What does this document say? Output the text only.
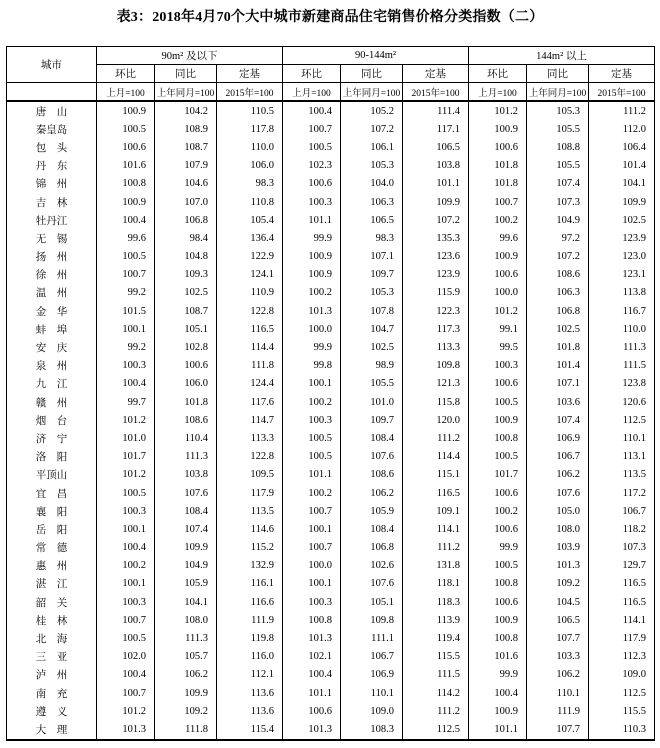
表3：2018年4月70个大中城市新建商品住宅销售价格分类指数（二）
城市	90m² 及以下			90-144m²			144m² 以上		
	环比	同比	定基	环比	同比	定基	环比	同比	定基
	上月=100	上年同月=100	2015年=100	上月=100	上年同月=100	2015年=100	上月=100	上年同月=100	2015年=100
唐　山	100.9	104.2	110.5	100.4	105.2	111.4	101.2	105.3	111.2
秦皇岛	100.5	108.9	117.8	100.7	107.2	117.1	100.9	105.5	112.0
包　头	100.6	108.7	110.0	100.5	106.1	106.5	100.6	108.8	106.4
丹　东	101.6	107.9	106.0	102.3	105.3	103.8	101.8	105.5	101.4
锦　州	100.8	104.6	98.3	100.6	104.0	101.1	101.8	107.4	104.1
吉　林	100.9	107.0	110.8	100.3	106.3	109.9	100.7	107.3	109.9
牡丹江	100.4	106.8	105.4	101.1	106.5	107.2	100.2	104.9	102.5
无　锡	99.6	98.4	136.4	99.9	98.3	135.3	99.6	97.2	123.9
扬　州	100.5	104.8	122.9	100.9	107.1	123.6	100.9	107.2	123.0
徐　州	100.7	109.3	124.1	100.9	109.7	123.9	100.6	108.6	123.1
温　州	99.2	102.5	110.9	100.2	105.3	115.9	100.0	106.3	113.8
金　华	101.5	108.7	122.8	101.3	107.8	122.3	101.2	106.8	116.7
蚌　埠	100.1	105.1	116.5	100.0	104.7	117.3	99.1	102.5	110.0
安　庆	99.2	102.8	114.4	99.9	102.5	113.3	99.5	101.8	111.3
泉　州	100.3	100.6	111.8	99.8	98.9	109.8	100.3	101.4	111.5
九　江	100.4	106.0	124.4	100.1	105.5	121.3	100.6	107.1	123.8
赣　州	99.7	101.8	117.6	100.2	101.0	115.8	100.5	103.6	120.6
烟　台	101.2	108.6	114.7	100.3	109.7	120.0	100.9	107.4	112.5
济　宁	101.0	110.4	113.3	100.5	108.4	111.2	100.8	106.9	110.1
洛　阳	101.7	111.3	122.8	100.5	107.6	114.4	100.5	106.7	113.1
平顶山	101.2	103.8	109.5	101.1	108.6	115.1	101.7	106.2	113.5
宜　昌	100.5	107.6	117.9	100.2	106.2	116.5	100.6	107.6	117.2
襄　阳	100.3	108.4	113.5	100.7	105.9	109.1	100.2	105.0	106.7
岳　阳	100.1	107.4	114.6	100.1	108.4	114.1	100.6	108.0	118.2
常　德	100.4	109.9	115.2	100.7	106.8	111.2	99.9	103.9	107.3
惠　州	100.2	104.9	132.9	100.0	102.6	131.8	100.5	101.3	129.7
湛　江	100.1	105.9	116.1	100.1	107.6	118.1	100.8	109.2	116.5
韶　关	100.3	104.1	116.6	100.3	105.1	118.3	100.6	104.5	116.5
桂　林	100.7	108.0	111.9	100.8	109.8	113.9	100.9	106.5	114.1
北　海	100.5	111.3	119.8	101.3	111.1	119.4	100.8	107.7	117.9
三　亚	102.0	105.7	116.0	102.1	106.7	115.5	101.6	103.3	112.3
泸　州	100.4	106.2	112.1	100.4	106.9	111.5	99.9	106.2	109.0
南　充	100.7	109.9	113.6	101.1	110.1	114.2	100.4	110.1	112.5
遵　义	101.2	109.2	113.6	100.6	109.0	111.2	100.9	111.9	115.5
大　理	101.3	111.8	115.4	101.3	108.3	112.5	101.1	107.7	110.3
